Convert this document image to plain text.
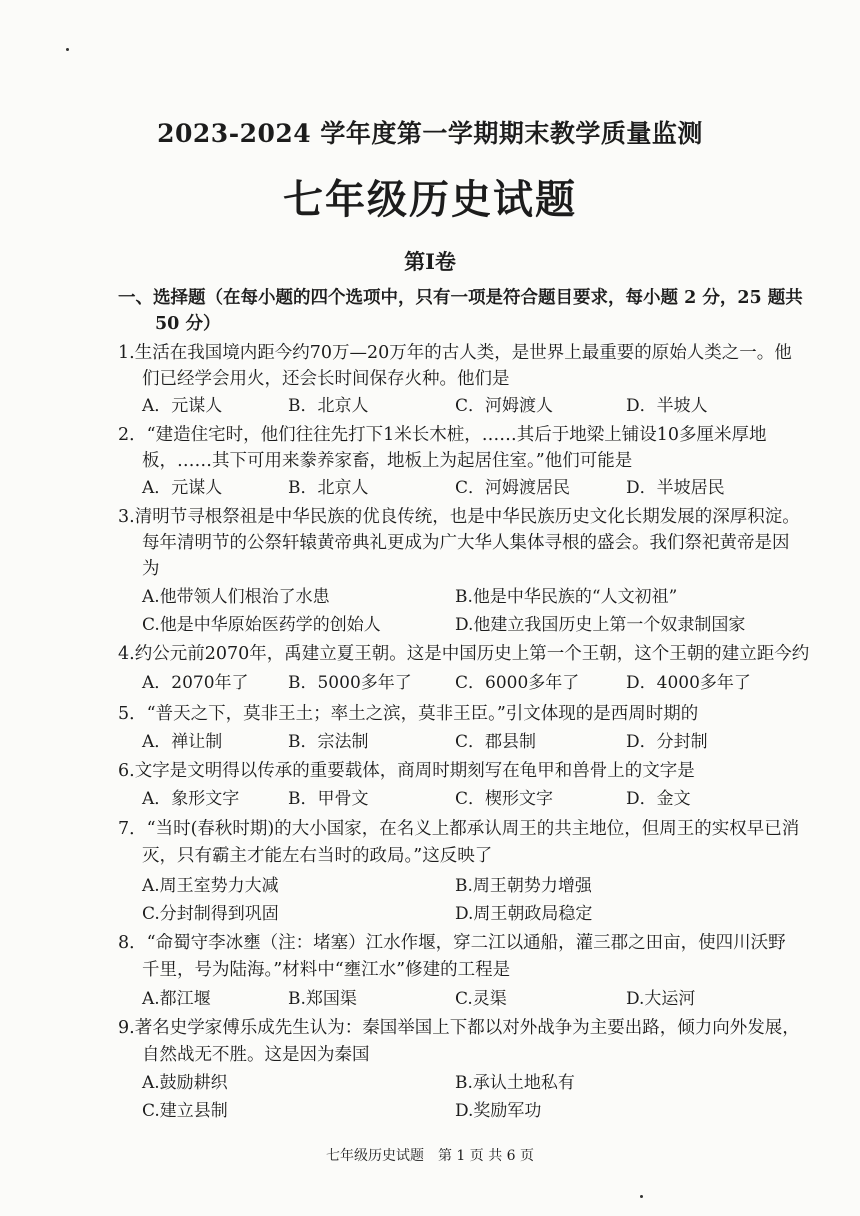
2023-2024 学年度第一学期期末教学质量监测
七年级历史试题
第Ⅰ卷
一、选择题（在每小题的四个选项中，只有一项是符合题目要求，每小题 2 分，25 题共
50 分）
1.生活在我国境内距今约70万—20万年的古人类，是世界上最重要的原始人类之一。他
们已经学会用火，还会长时间保存火种。他们是
A．元谋人	B．北京人	C．河姆渡人	D．半坡人
2．“建造住宅时，他们往往先打下1米长木桩，……其后于地梁上铺设10多厘米厚地
板，……其下可用来豢养家畜，地板上为起居住室。”他们可能是
A．元谋人	B．北京人	C．河姆渡居民	D．半坡居民
3.清明节寻根祭祖是中华民族的优良传统，也是中华民族历史文化长期发展的深厚积淀。
每年清明节的公祭轩辕黄帝典礼更成为广大华人集体寻根的盛会。我们祭祀黄帝是因
为
A.他带领人们根治了水患	B.他是中华民族的“人文初祖”
C.他是中华原始医药学的创始人	D.他建立我国历史上第一个奴隶制国家
4.约公元前2070年，禹建立夏王朝。这是中国历史上第一个王朝，这个王朝的建立距今约
A．2070年了 B．5000多年了	C．6000多年了	D．4000多年了
5．“普天之下，莫非王土；率土之滨，莫非王臣。”引文体现的是西周时期的
A．禅让制	B．宗法制	C．郡县制	D．分封制
6.文字是文明得以传承的重要载体，商周时期刻写在龟甲和兽骨上的文字是
A．象形文字	B．甲骨文	C．楔形文字	D．金文
7．“当时(春秋时期)的大小国家，在名义上都承认周王的共主地位，但周王的实权早已消
灭，只有霸主才能左右当时的政局。”这反映了
A.周王室势力大减	B.周王朝势力增强
C.分封制得到巩固	D.周王朝政局稳定
8．“命蜀守李冰壅（注：堵塞）江水作堰，穿二江以通船，灌三郡之田亩，使四川沃野
千里，号为陆海。”材料中“壅江水”修建的工程是
A.都江堰	B.郑国渠	C.灵渠	D.大运河
9.著名史学家傅乐成先生认为：秦国举国上下都以对外战争为主要出路，倾力向外发展，
自然战无不胜。这是因为秦国
A.鼓励耕织	B.承认土地私有
C.建立县制	D.奖励军功
七年级历史试题　第 1 页 共 6 页
